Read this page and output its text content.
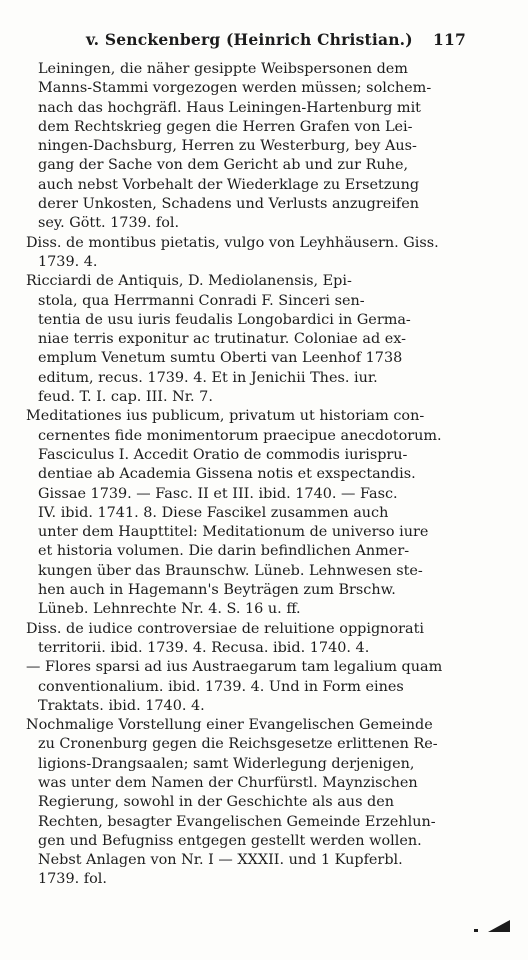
v. Senckenberg (Heinrich Christian.) 117
Leiningen, die näher gesippte Weibspersonen dem
Manns-Stammi vorgezogen werden müssen; solchem-
nach das hochgräfl. Haus Leiningen-Hartenburg mit
dem Rechtskrieg gegen die Herren Grafen von Lei-
ningen-Dachsburg, Herren zu Westerburg, bey Aus-
gang der Sache von dem Gericht ab und zur Ruhe,
auch nebst Vorbehalt der Wiederklage zu Ersetzung
derer Unkosten, Schadens und Verlusts anzugreifen
sey. Gött. 1739. fol.
Diss. de montibus pietatis, vulgo von Leyhhäusern. Giss.
1739. 4.
Ricciardi de Antiquis, D. Mediolanensis, Epi-
stola, qua Herrmanni Conradi F. Sinceri sen-
tentia de usu iuris feudalis Longobardici in Germa-
niae terris exponitur ac trutinatur. Coloniae ad ex-
emplum Venetum sumtu Oberti van Leenhof 1738
editum, recus. 1739. 4. Et in Jenichii Thes. iur.
feud. T. I. cap. III. Nr. 7.
Meditationes ius publicum, privatum ut historiam con-
cernentes fide monimentorum praecipue anecdotorum.
Fasciculus I. Accedit Oratio de commodis iurispru-
dentiae ab Academia Gissena notis et exspectandis.
Gissae 1739. — Fasc. II et III. ibid. 1740. — Fasc.
IV. ibid. 1741. 8. Diese Fascikel zusammen auch
unter dem Haupttitel: Meditationum de universo iure
et historia volumen. Die darin befindlichen Anmer-
kungen über das Braunschw. Lüneb. Lehnwesen ste-
hen auch in Hagemann's Beyträgen zum Brschw.
Lüneb. Lehnrechte Nr. 4. S. 16 u. ff.
Diss. de iudice controversiae de reluitione oppignorati
territorii. ibid. 1739. 4. Recusa. ibid. 1740. 4.
— Flores sparsi ad ius Austraegarum tam legalium quam
conventionalium. ibid. 1739. 4. Und in Form eines
Traktats. ibid. 1740. 4.
Nochmalige Vorstellung einer Evangelischen Gemeinde
zu Cronenburg gegen die Reichsgesetze erlittenen Re-
ligions-Drangsaalen; samt Widerlegung derjenigen,
was unter dem Namen der Churfürstl. Maynzischen
Regierung, sowohl in der Geschichte als aus den
Rechten, besagter Evangelischen Gemeinde Erzehlun-
gen und Befugniss entgegen gestellt werden wollen.
Nebst Anlagen von Nr. I — XXXII. und 1 Kupferbl.
1739. fol.
